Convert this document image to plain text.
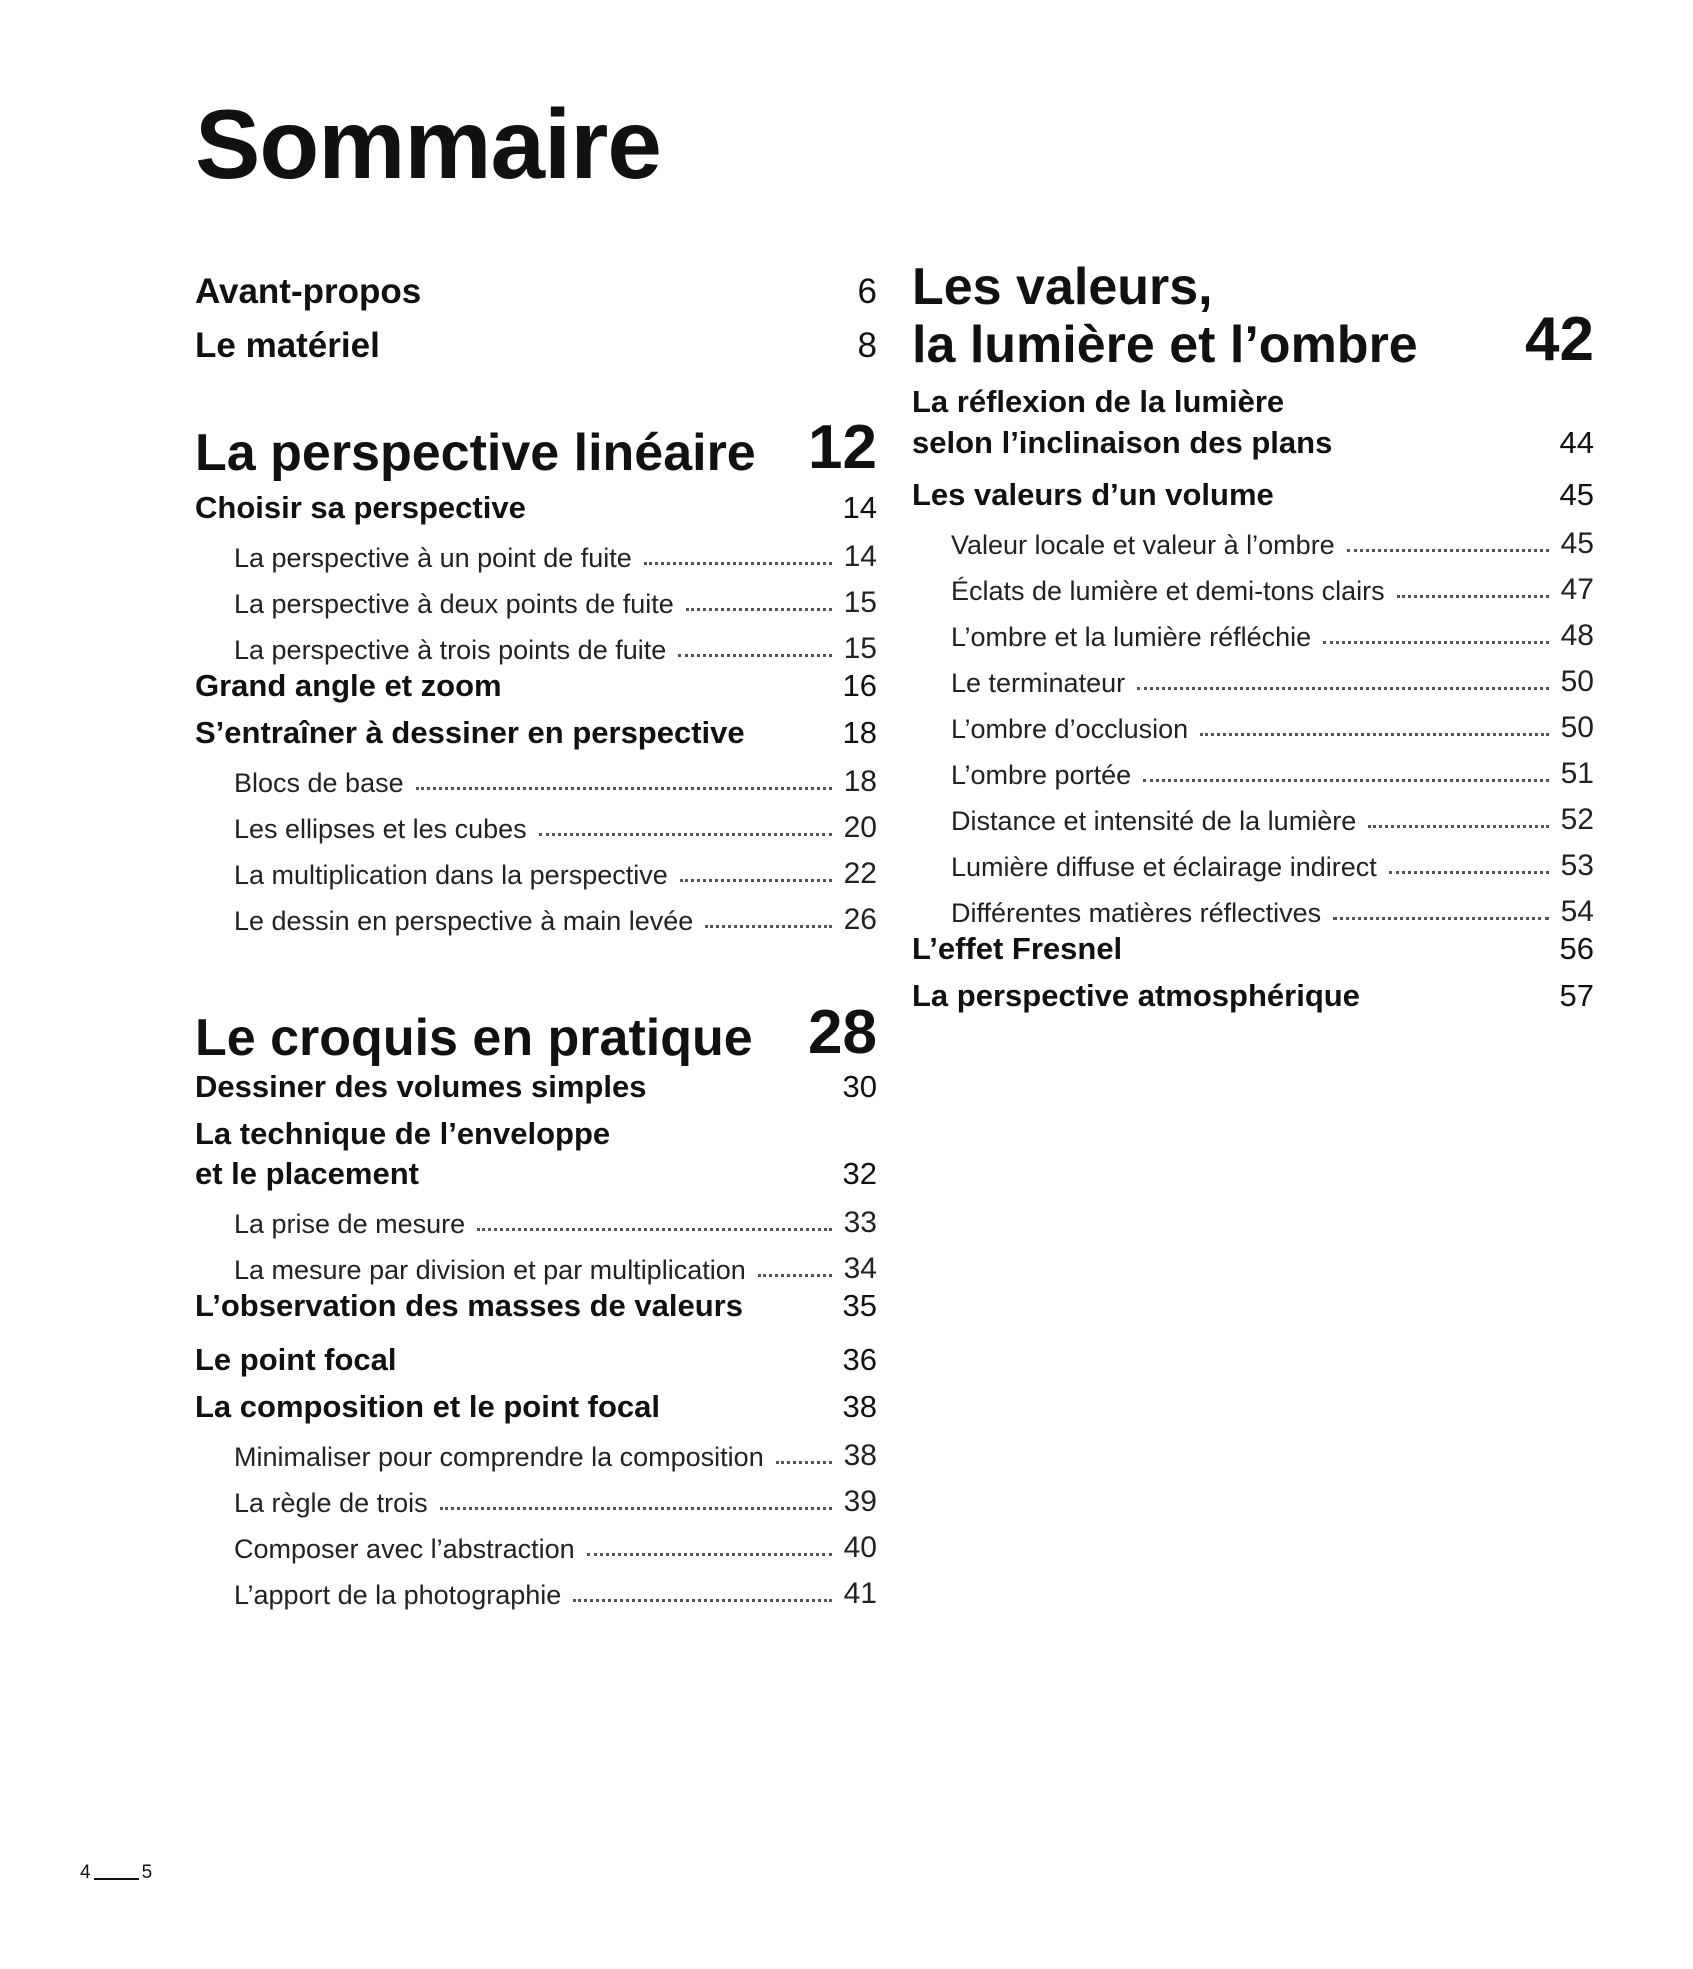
Sommaire
Avant-propos	6
Le matériel	8
La perspective linéaire 12
Choisir sa perspective	14
La perspective à un point de fuite	14
La perspective à deux points de fuite	15
La perspective à trois points de fuite	15
Grand angle et zoom	16
S’entraîner à dessiner en perspective	18
Blocs de base	18
Les ellipses et les cubes	20
La multiplication dans la perspective	22
Le dessin en perspective à main levée	26
Le croquis en pratique 28
Dessiner des volumes simples	30
La technique de l’enveloppe
et le placement	32
La prise de mesure	33
La mesure par division et par multiplication	34
L’observation des masses de valeurs	35
Le point focal	36
La composition et le point focal	38
Minimaliser pour comprendre la composition	38
La règle de trois	39
Composer avec l’abstraction	40
L’apport de la photographie	41
Les valeurs,
la lumière et l’ombre 42
La réflexion de la lumière
selon l’inclinaison des plans	44
Les valeurs d’un volume	45
Valeur locale et valeur à l’ombre	45
Éclats de lumière et demi-tons clairs	47
L’ombre et la lumière réfléchie	48
Le terminateur	50
L’ombre d’occlusion	50
L’ombre portée	51
Distance et intensité de la lumière	52
Lumière diffuse et éclairage indirect	53
Différentes matières réflectives	54
L’effet Fresnel	56
La perspective atmosphérique	57
4	5
